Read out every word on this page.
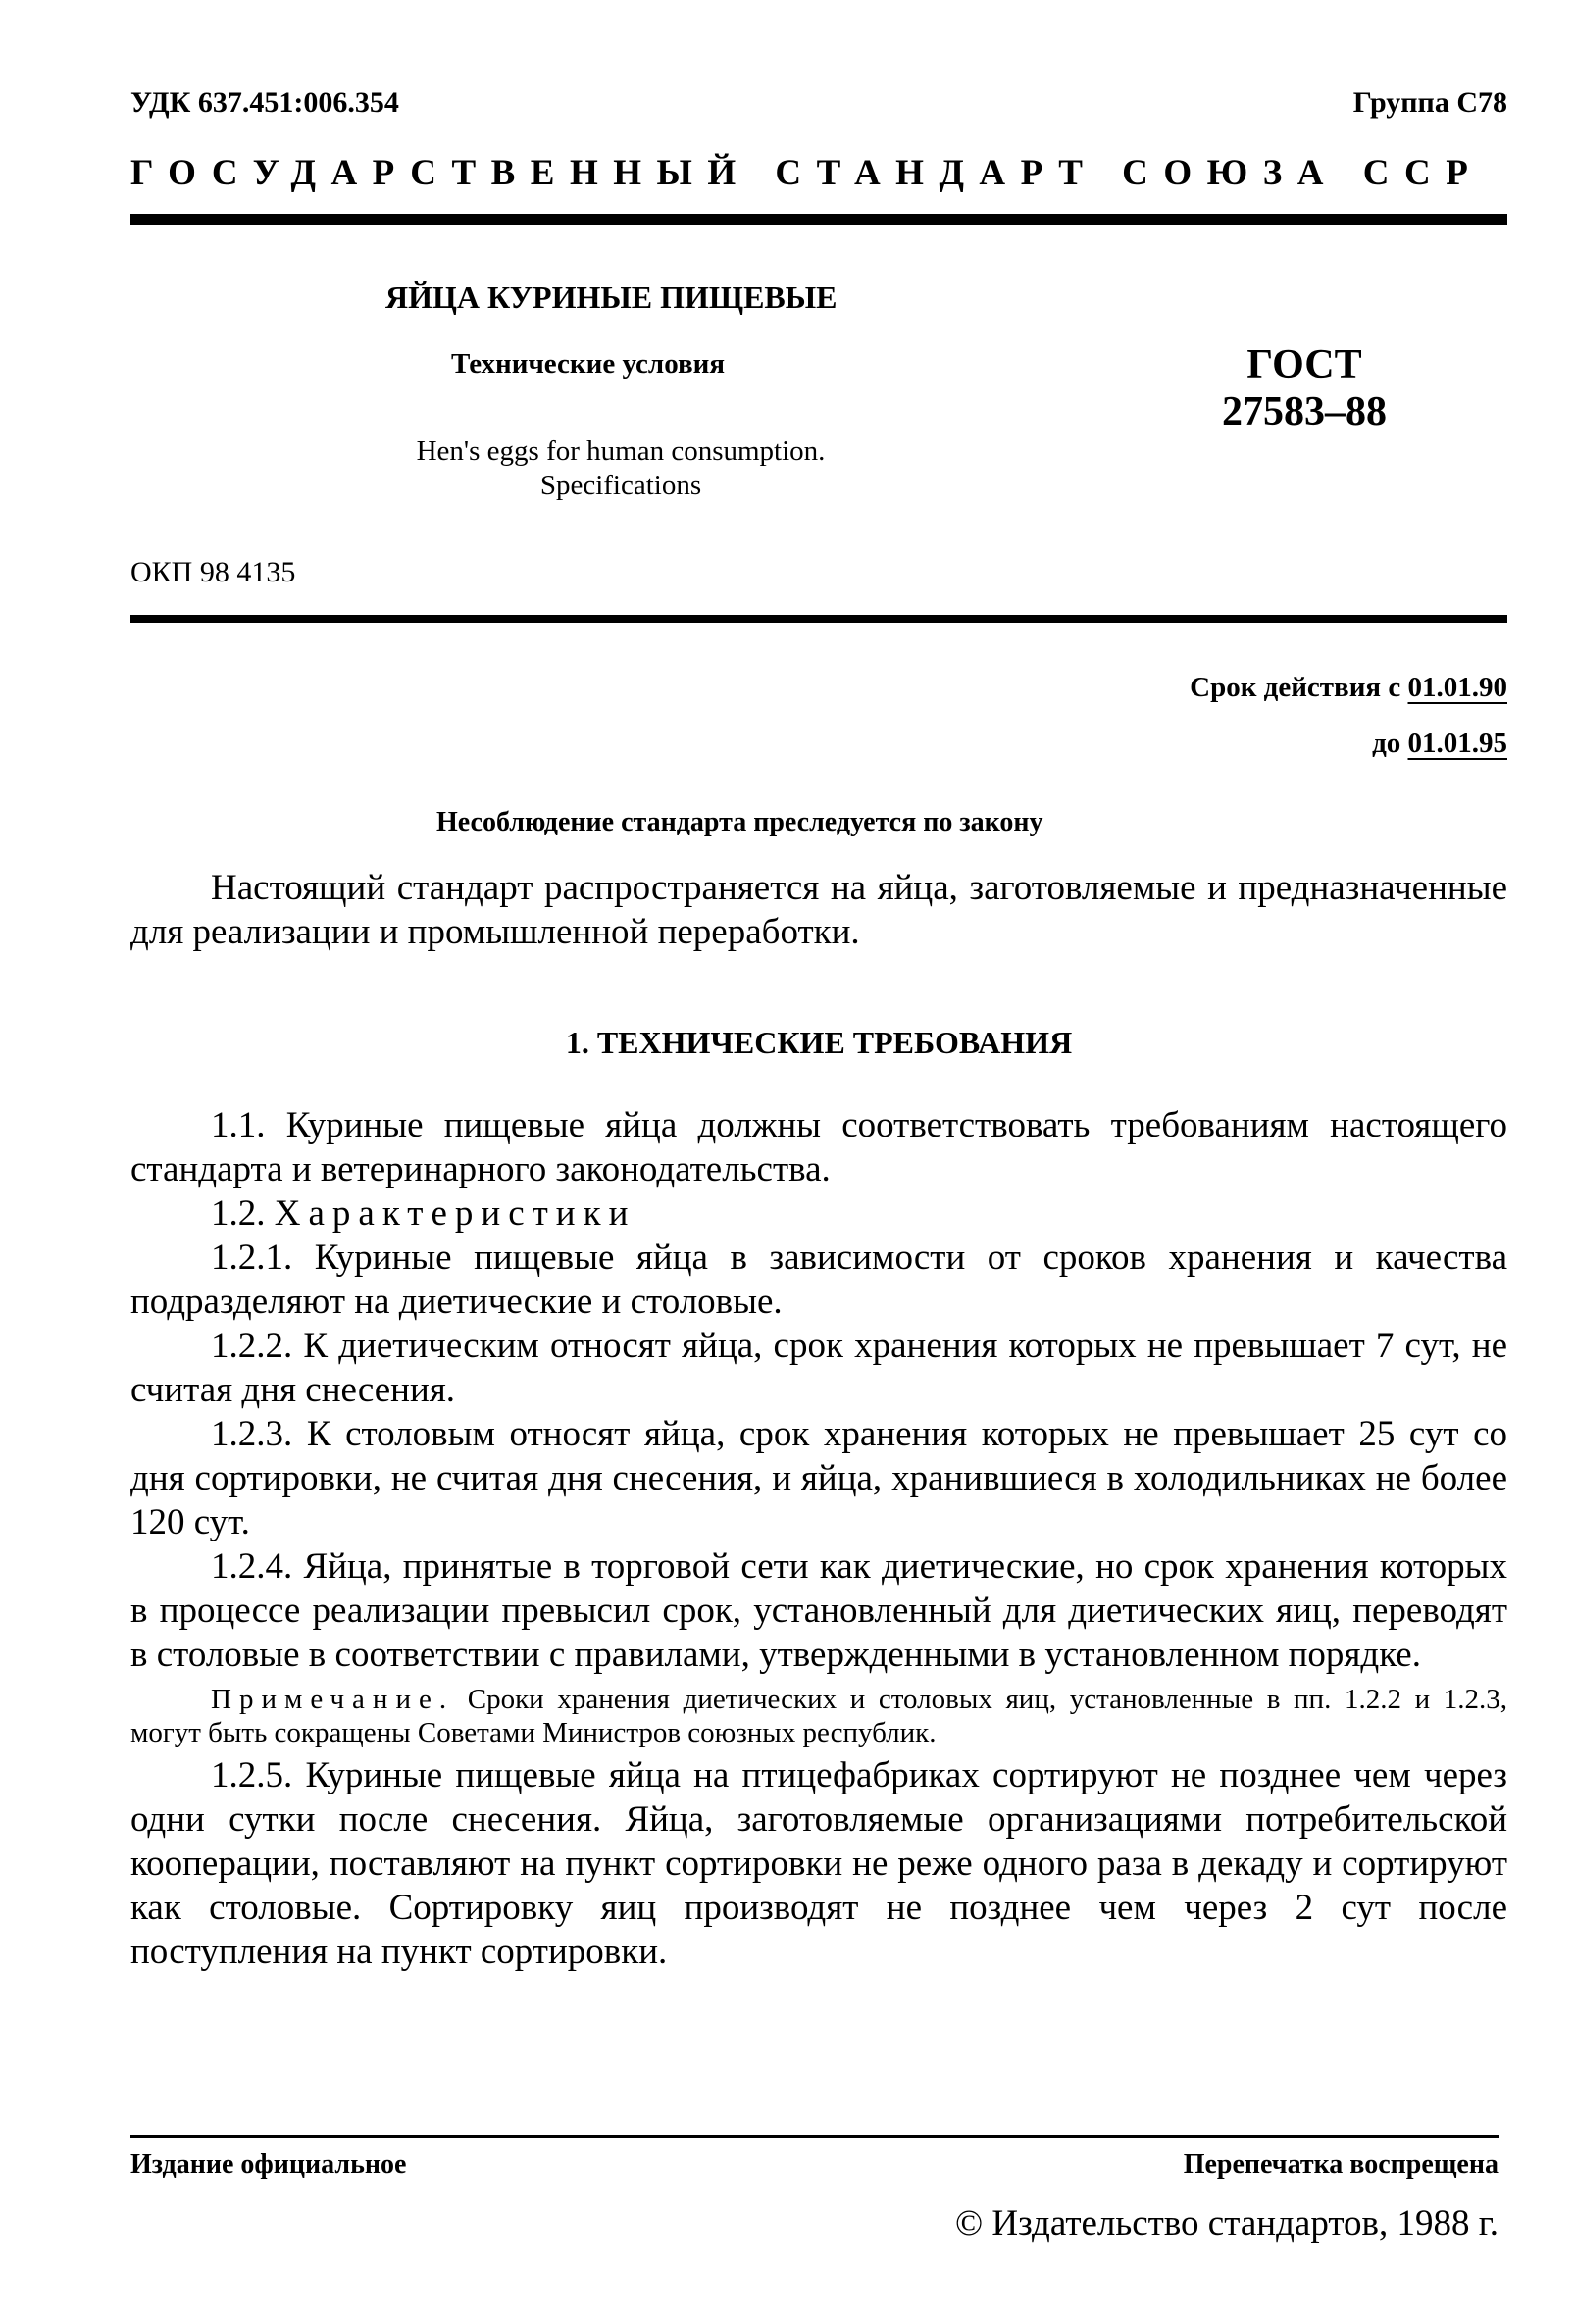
УДК 637.451:006.354	Группа С78
ГОСУДАРСТВЕННЫЙ СТАНДАРТ СОЮЗА ССР
ЯЙЦА КУРИНЫЕ ПИЩЕВЫЕ
Технические условия
Hen's eggs for human consumption.
Specifications
ГОСТ
27583–88
ОКП 98 4135
Срок действия с 01.01.90
до 01.01.95
Несоблюдение стандарта преследуется по закону
Настоящий стандарт распространяется на яйца, заготовляемые и предназначенные для реализации и промышленной переработки.
1. ТЕХНИЧЕСКИЕ ТРЕБОВАНИЯ
1.1. Куриные пищевые яйца должны соответствовать требованиям настоящего стандарта и ветеринарного законодательства.
1.2. Характеристики
1.2.1. Куриные пищевые яйца в зависимости от сроков хранения и качества подразделяют на диетические и столовые.
1.2.2. К диетическим относят яйца, срок хранения которых не превышает 7 сут, не считая дня снесения.
1.2.3. К столовым относят яйца, срок хранения которых не превышает 25 сут со дня сортировки, не считая дня снесения, и яйца, хранившиеся в холодильниках не более 120 сут.
1.2.4. Яйца, принятые в торговой сети как диетические, но срок хранения которых в процессе реализации превысил срок, установленный для диетических яиц, переводят в столовые в соответствии с правилами, утвержденными в установленном порядке.
Примечание. Сроки хранения диетических и столовых яиц, установленные в пп. 1.2.2 и 1.2.3, могут быть сокращены Советами Министров союзных республик.
1.2.5. Куриные пищевые яйца на птицефабриках сортируют не позднее чем через одни сутки после снесения. Яйца, заготовляемые организациями потребительской кооперации, поставляют на пункт сортировки не реже одного раза в декаду и сортируют как столовые. Сортировку яиц производят не позднее чем через 2 сут после поступления на пункт сортировки.
Издание официальное	Перепечатка воспрещена
© Издательство стандартов, 1988 г.
